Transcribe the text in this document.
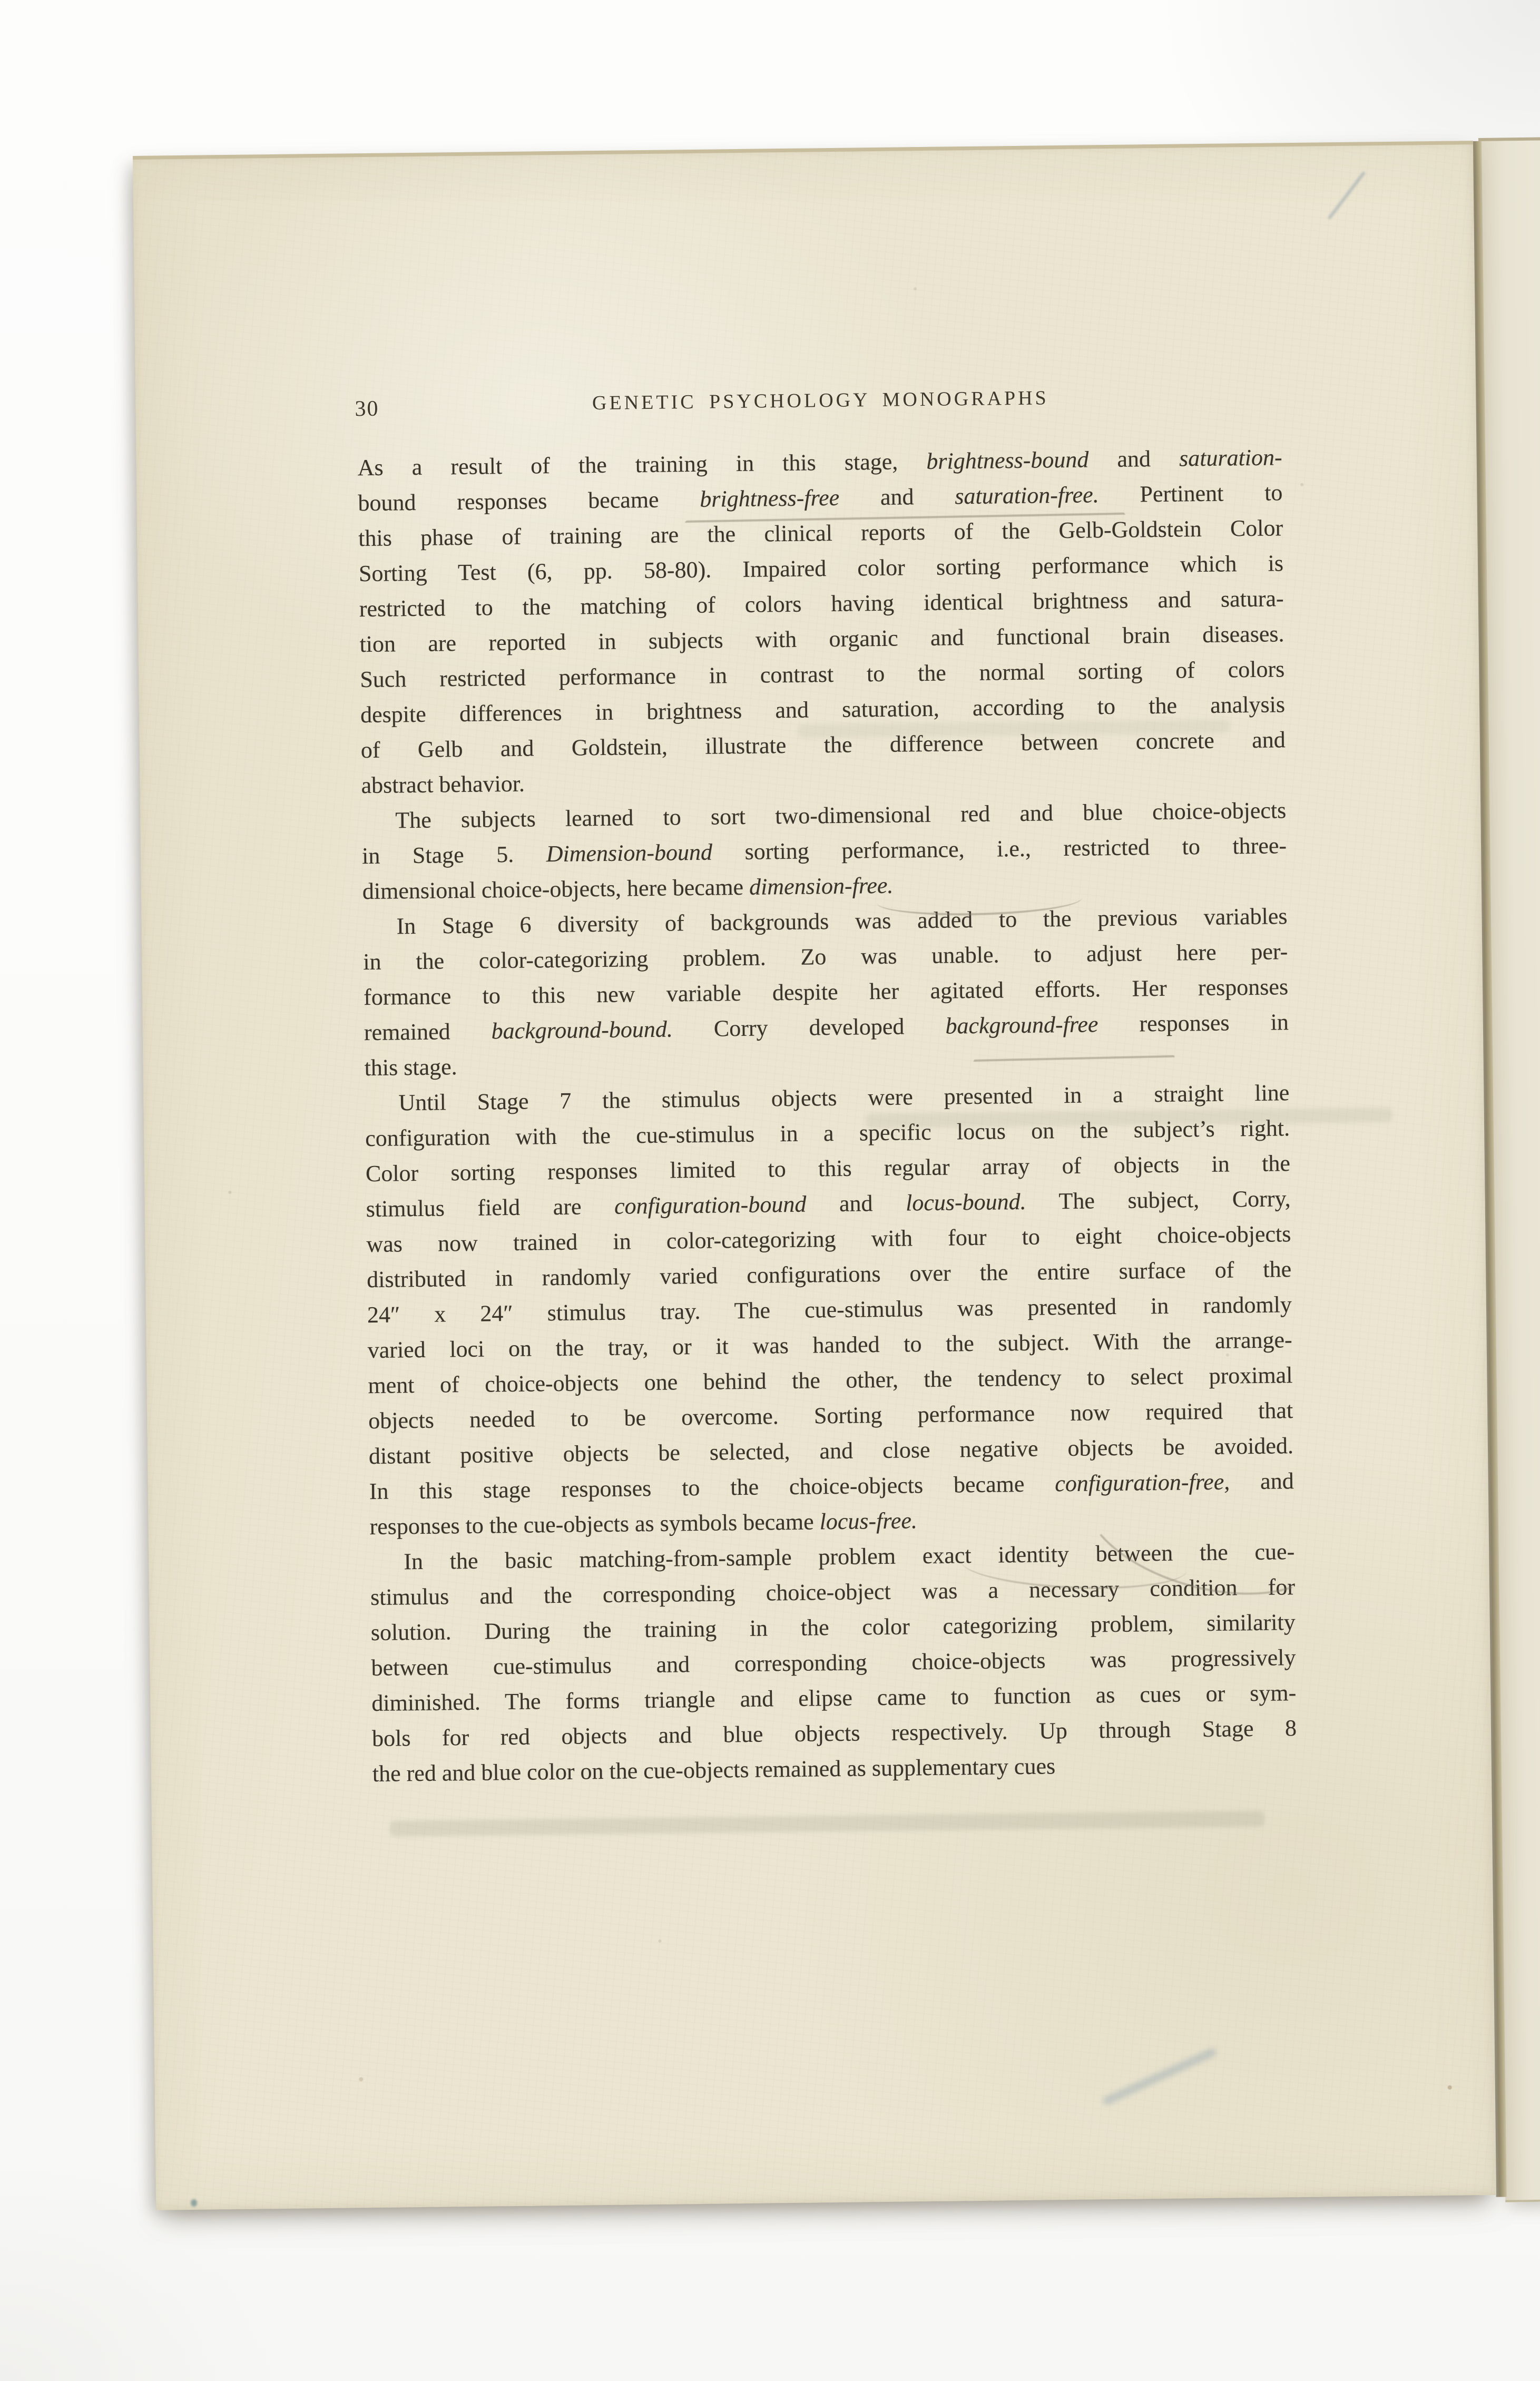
30	GENETIC PSYCHOLOGY MONOGRAPHS
As a result of the training in this stage, brightness-bound and saturation-
bound responses became brightness-free and saturation-free. Pertinent to
this phase of training are the clinical reports of the Gelb-Goldstein Color
Sorting Test (6, pp. 58-80). Impaired color sorting performance which is
restricted to the matching of colors having identical brightness and satura-
tion are reported in subjects with organic and functional brain diseases.
Such restricted performance in contrast to the normal sorting of colors
despite differences in brightness and saturation, according to the analysis
of Gelb and Goldstein, illustrate the difference between concrete and
abstract behavior.
The subjects learned to sort two-dimensional red and blue choice-objects
in Stage 5. Dimension-bound sorting performance, i.e., restricted to three-
dimensional choice-objects, here became dimension-free.
In Stage 6 diversity of backgrounds was added to the previous variables
in the color-categorizing problem. Zo was unable. to adjust here per-
formance to this new variable despite her agitated efforts. Her responses
remained background-bound. Corry developed background-free responses in
this stage.
Until Stage 7 the stimulus objects were presented in a straight line
configuration with the cue-stimulus in a specific locus on the subject’s right.
Color sorting responses limited to this regular array of objects in the
stimulus field are configuration-bound and locus-bound. The subject, Corry,
was now trained in color-categorizing with four to eight choice-objects
distributed in randomly varied configurations over the entire surface of the
24″ x 24″ stimulus tray. The cue-stimulus was presented in randomly
varied loci on the tray, or it was handed to the subject. With the arrange-
ment of choice-objects one behind the other, the tendency to select proximal
objects needed to be overcome. Sorting performance now required that
distant positive objects be selected, and close negative objects be avoided.
In this stage responses to the choice-objects became configuration-free, and
responses to the cue-objects as symbols became locus-free.
In the basic matching-from-sample problem exact identity between the cue-
stimulus and the corresponding choice-object was a necessary condition for
solution. During the training in the color categorizing problem, similarity
between cue-stimulus and corresponding choice-objects was progressively
diminished. The forms triangle and elipse came to function as cues or sym-
bols for red objects and blue objects respectively. Up through Stage 8
the red and blue color on the cue-objects remained as supplementary cues
